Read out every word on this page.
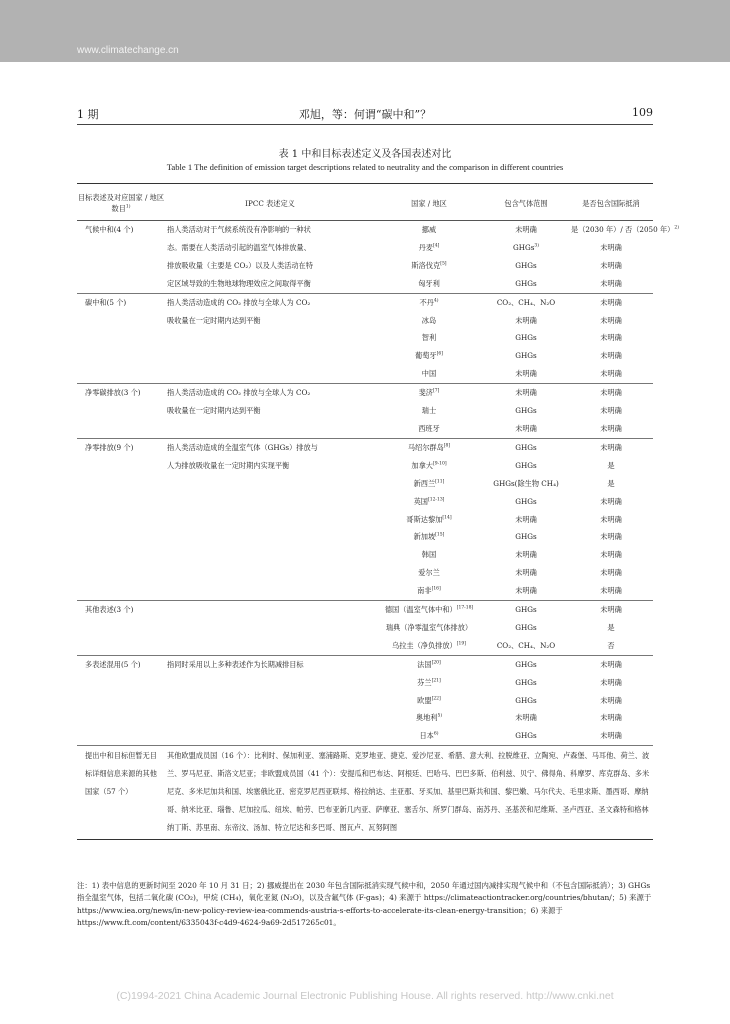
www.climatechange.cn
1 期	邓旭，等：何谓“碳中和”？	109
表 1 中和目标表述定义及各国表述对比
Table 1 The definition of emission target descriptions related to neutrality and the comparison in different countries
目标表述及对应国家 / 地区数目$^{1)}$	IPCC 表述定义	国家 / 地区	包含气体范围	是否包含国际抵消
气候中和(4 个)	指人类活动对于气候系统没有净影响的一种状	挪威	未明确	是（2030 年）/ 否（2050 年）$^{2)}$
	态。需要在人类活动引起的温室气体排放量、	丹麦[4]	GHGs$^{3)}$	未明确
	排放吸收量（主要是 CO₂）以及人类活动在特	斯洛伐克[5]	GHGs	未明确
	定区域导致的生物地球物理效应之间取得平衡	匈牙利	GHGs	未明确
碳中和(5 个)	指人类活动造成的 CO₂ 排放与全球人为 CO₂	不丹$^{4)}$	CO₂、CH₄、N₂O	未明确
	吸收量在一定时期内达到平衡	冰岛	未明确	未明确
		智利	GHGs	未明确
		葡萄牙[6]	GHGs	未明确
		中国	未明确	未明确
净零碳排放(3 个)	指人类活动造成的 CO₂ 排放与全球人为 CO₂	斐济[7]	未明确	未明确
	吸收量在一定时期内达到平衡	瑞士	GHGs	未明确
		西班牙	未明确	未明确
净零排放(9 个)	指人类活动造成的全温室气体（GHGs）排放与	马绍尔群岛[8]	GHGs	未明确
	人为排放吸收量在一定时期内实现平衡	加拿大[9-10]	GHGs	是
		新西兰[11]	GHGs(除生物 CH₄)	是
		英国[12-13]	GHGs	未明确
		哥斯达黎加[14]	未明确	未明确
		新加坡[15]	GHGs	未明确
		韩国	未明确	未明确
		爱尔兰	未明确	未明确
		南非[16]	未明确	未明确
其他表述(3 个)		德国（温室气体中和）[17-18]	GHGs	未明确
		瑞典（净零温室气体排放）	GHGs	是
		乌拉圭（净负排放）[19]	CO₂、CH₄、N₂O	否
多表述混用(5 个)	指同时采用以上多种表述作为长期减排目标	法国[20]	GHGs	未明确
		芬兰[21]	GHGs	未明确
		欧盟[22]	GHGs	未明确
		奥地利$^{5)}$	未明确	未明确
		日本$^{6)}$	GHGs	未明确
提出中和目标但暂无目标详细信息来源的其他国家（57 个）	其他欧盟成员国（16 个）：比利时、保加利亚、塞浦路斯、克罗地亚、捷克、爱沙尼亚、希腊、意大利、拉脱维亚、立陶宛、卢森堡、马耳他、荷兰、波兰、罗马尼亚、斯洛文尼亚；非欧盟成员国（41 个）：安提瓜和巴布达、阿根廷、巴哈马、巴巴多斯、伯利兹、贝宁、佛得角、科摩罗、库克群岛、多米尼克、多米尼加共和国、埃塞俄比亚、密克罗尼西亚联邦、格拉纳达、圭亚那、牙买加、基里巴斯共和国、黎巴嫩、马尔代夫、毛里求斯、墨西哥、摩纳哥、纳米比亚、瑙鲁、尼加拉瓜、纽埃、帕劳、巴布亚新几内亚、萨摩亚、塞舌尔、所罗门群岛、南苏丹、圣基茨和尼维斯、圣卢西亚、圣文森特和格林纳丁斯、苏里南、东帝汶、汤加、特立尼达和多巴哥、图瓦卢、瓦努阿图			
注：1) 表中信息的更新时间至 2020 年 10 月 31 日；2) 挪威提出在 2030 年包含国际抵消实现气候中和，2050 年通过国内减排实现气候中和（不包含国际抵消）；3) GHGs 指全温室气体，包括二氧化碳 (CO₂)，甲烷 (CH₄)，氧化亚氮 (N₂O)，以及含氟气体 (F-gas)；4) 来源于 https://climateactiontracker.org/countries/bhutan/；5) 来源于 https://www.iea.org/news/in-new-policy-review-iea-commends-austria-s-efforts-to-accelerate-its-clean-energy-transition；6) 来源于 https://www.ft.com/content/6335043f-c4d9-4624-9a69-2d517265c01。
(C)1994-2021 China Academic Journal Electronic Publishing House. All rights reserved. http://www.cnki.net
